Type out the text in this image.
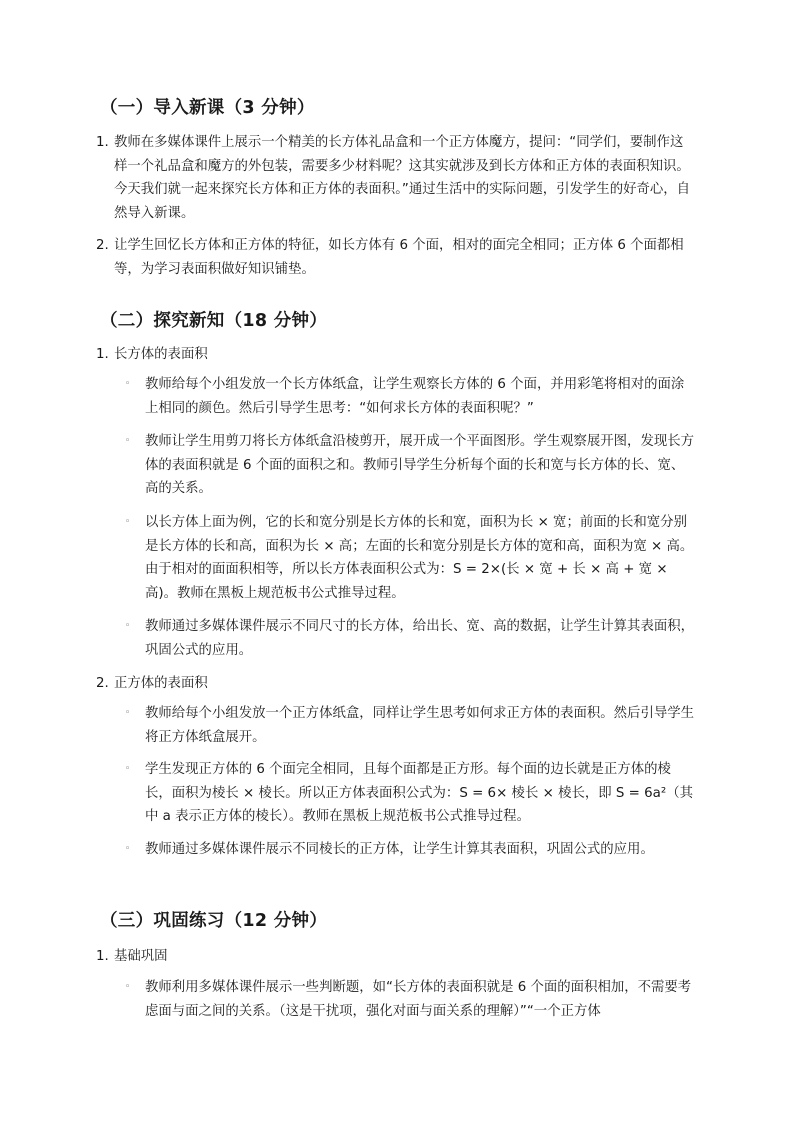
（一）导入新课（3 分钟）
1. 教师在多媒体课件上展示一个精美的长方体礼品盒和一个正方体魔方，提问：“同学们，要制作这样一个礼品盒和魔方的外包装，需要多少材料呢？这其实就涉及到长方体和正方体的表面积知识。今天我们就一起来探究长方体和正方体的表面积。”通过生活中的实际问题，引发学生的好奇心，自然导入新课。
2. 让学生回忆长方体和正方体的特征，如长方体有 6 个面，相对的面完全相同；正方体 6 个面都相等，为学习表面积做好知识铺垫。
（二）探究新知（18 分钟）
1. 长方体的表面积
◦ 教师给每个小组发放一个长方体纸盒，让学生观察长方体的 6 个面，并用彩笔将相对的面涂上相同的颜色。然后引导学生思考：“如何求长方体的表面积呢？”
◦ 教师让学生用剪刀将长方体纸盒沿棱剪开，展开成一个平面图形。学生观察展开图，发现长方体的表面积就是 6 个面的面积之和。教师引导学生分析每个面的长和宽与长方体的长、宽、高的关系。
◦ 以长方体上面为例，它的长和宽分别是长方体的长和宽，面积为长 × 宽；前面的长和宽分别是长方体的长和高，面积为长 × 高；左面的长和宽分别是长方体的宽和高，面积为宽 × 高。由于相对的面面积相等，所以长方体表面积公式为：S = 2×(长 × 宽 + 长 × 高 + 宽 × 高)。教师在黑板上规范板书公式推导过程。
◦ 教师通过多媒体课件展示不同尺寸的长方体，给出长、宽、高的数据，让学生计算其表面积，巩固公式的应用。
2. 正方体的表面积
◦ 教师给每个小组发放一个正方体纸盒，同样让学生思考如何求正方体的表面积。然后引导学生将正方体纸盒展开。
◦ 学生发现正方体的 6 个面完全相同，且每个面都是正方形。每个面的边长就是正方体的棱长，面积为棱长 × 棱长。所以正方体表面积公式为：S = 6× 棱长 × 棱长，即 S = 6a²（其中 a 表示正方体的棱长）。教师在黑板上规范板书公式推导过程。
◦ 教师通过多媒体课件展示不同棱长的正方体，让学生计算其表面积，巩固公式的应用。
（三）巩固练习（12 分钟）
1. 基础巩固
◦ 教师利用多媒体课件展示一些判断题，如“长方体的表面积就是 6 个面的面积相加，不需要考虑面与面之间的关系。（这是干扰项，强化对面与面关系的理解）”“一个正方体
